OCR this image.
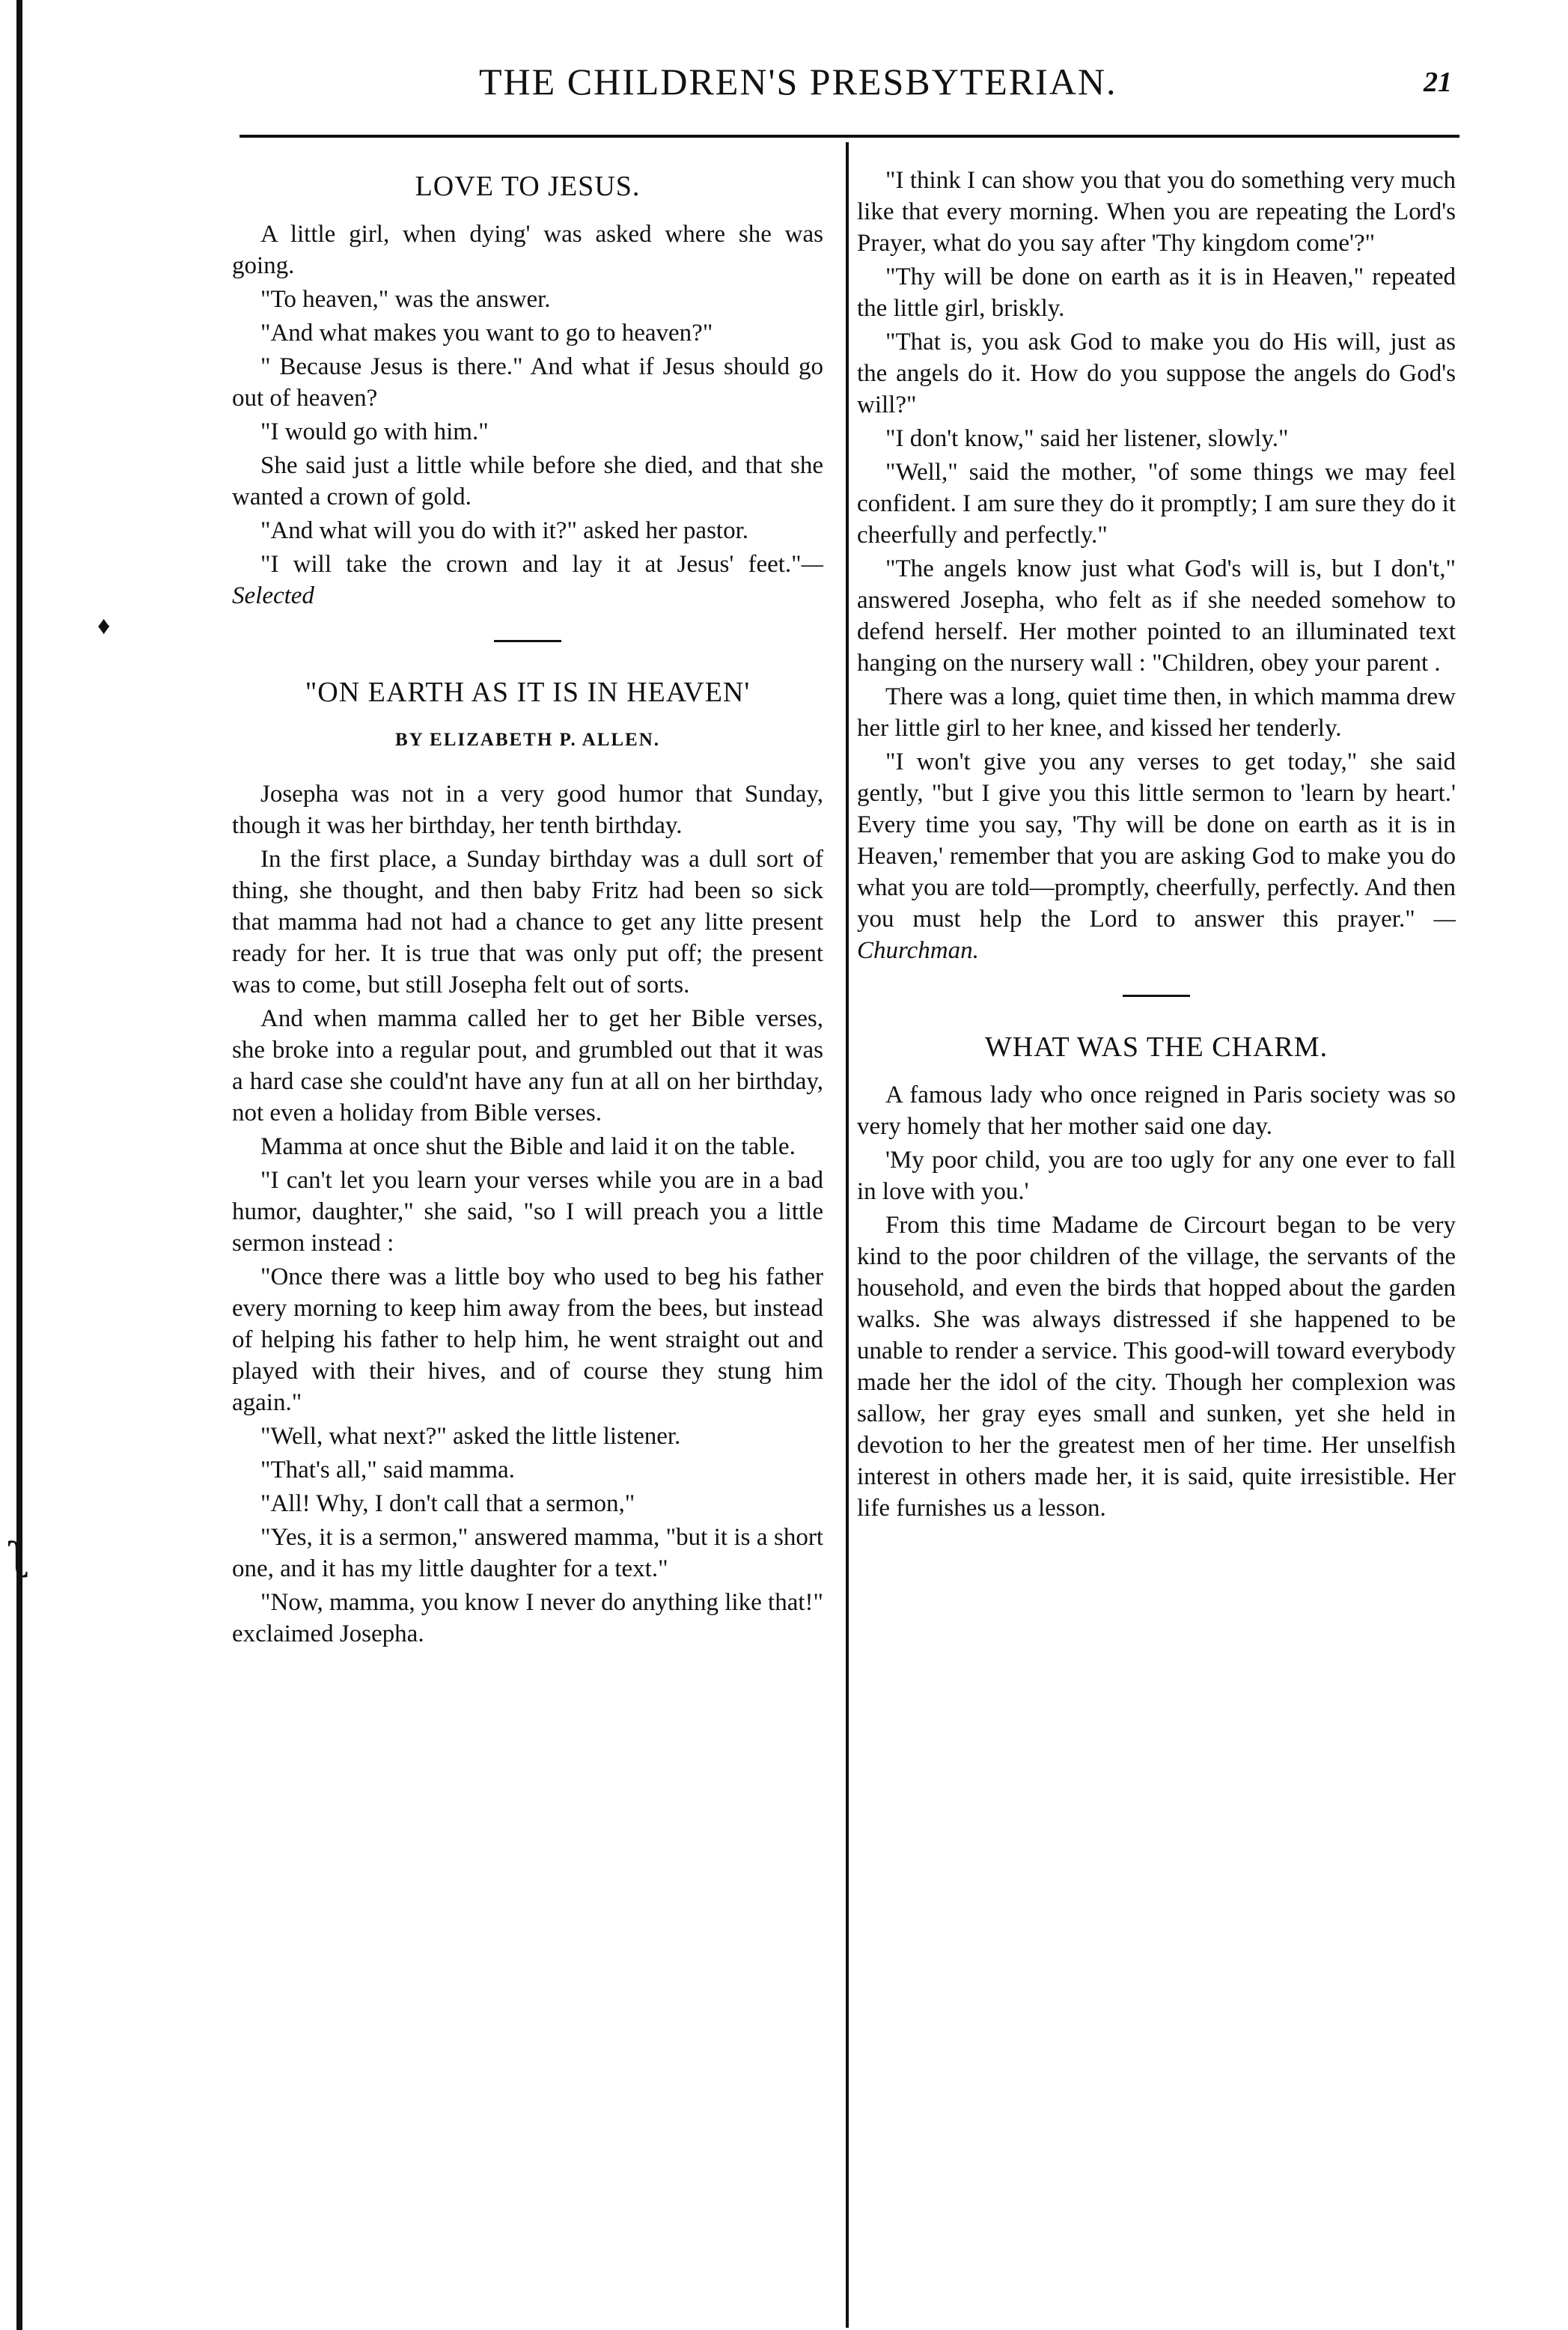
♦
ʅ
THE CHILDREN'S PRESBYTERIAN.	21
LOVE TO JESUS.

A little girl, when dying' was asked where she was going.

"To heaven," was the answer.

"And what makes you want to go to heaven?"

" Because Jesus is there." And what if Jesus should go out of heaven?

"I would go with him."

She said just a little while before she died, and that she wanted a crown of gold.

"And what will you do with it?" asked her pastor.

"I will take the crown and lay it at Jesus' feet."—Selected

"ON EARTH AS IT IS IN HEAVEN'
BY ELIZABETH P. ALLEN.

Josepha was not in a very good humor that Sunday, though it was her birthday, her tenth birthday.

In the first place, a Sunday birthday was a dull sort of thing, she thought, and then baby Fritz had been so sick that mamma had not had a chance to get any litte present ready for her. It is true that was only put off; the present was to come, but still Josepha felt out of sorts.

And when mamma called her to get her Bible verses, she broke into a regular pout, and grumbled out that it was a hard case she could'nt have any fun at all on her birthday, not even a holiday from Bible verses.

Mamma at once shut the Bible and laid it on the table.

"I can't let you learn your verses while you are in a bad humor, daughter," she said, "so I will preach you a little sermon instead :

"Once there was a little boy who used to beg his father every morning to keep him away from the bees, but instead of helping his father to help him, he went straight out and played with their hives, and of course they stung him again."

"Well, what next?" asked the little listener.

"That's all," said mamma.

"All! Why, I don't call that a sermon,"

"Yes, it is a sermon," answered mamma, "but it is a short one, and it has my little daughter for a text."

"Now, mamma, you know I never do anything like that!" exclaimed Josepha.

"I think I can show you that you do something very much like that every morning. When you are repeating the Lord's Prayer, what do you say after 'Thy kingdom come'?"

"Thy will be done on earth as it is in Heaven," repeated the little girl, briskly.

"That is, you ask God to make you do His will, just as the angels do it. How do you suppose the angels do God's will?"

"I don't know," said her listener, slowly."

"Well," said the mother, "of some things we may feel confident. I am sure they do it promptly; I am sure they do it cheerfully and perfectly."

"The angels know just what God's will is, but I don't," answered Josepha, who felt as if she needed somehow to defend herself. Her mother pointed to an illuminated text hanging on the nursery wall : "Children, obey your parent .

There was a long, quiet time then, in which mamma drew her little girl to her knee, and kissed her tenderly.

"I won't give you any verses to get today," she said gently, "but I give you this little sermon to 'learn by heart.' Every time you say, 'Thy will be done on earth as it is in Heaven,' remember that you are asking God to make you do what you are told—promptly, cheerfully, perfectly. And then you must help the Lord to answer this prayer." —Churchman.

WHAT WAS THE CHARM.

A famous lady who once reigned in Paris society was so very homely that her mother said one day.

'My poor child, you are too ugly for any one ever to fall in love with you.'

From this time Madame de Circourt began to be very kind to the poor children of the village, the servants of the household, and even the birds that hopped about the garden walks. She was always distressed if she happened to be unable to render a service. This good-will toward everybody made her the idol of the city. Though her complexion was sallow, her gray eyes small and sunken, yet she held in devotion to her the greatest men of her time. Her unselfish interest in others made her, it is said, quite irresistible. Her life furnishes us a lesson.
